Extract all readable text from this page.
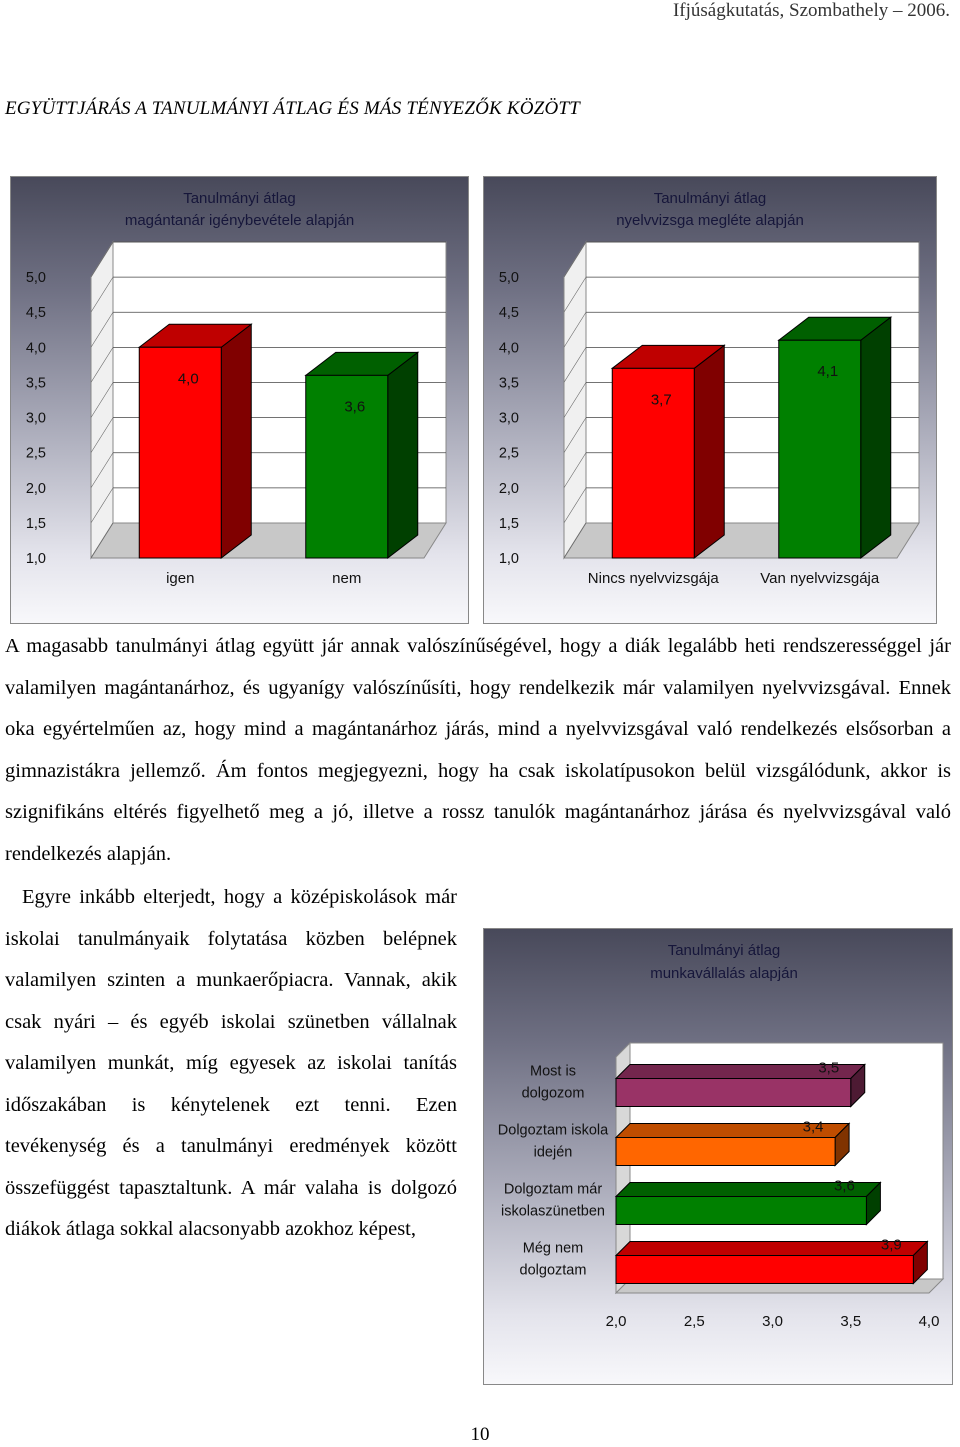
Ifjúságkutatás, Szombathely – 2006.
EGYÜTTJÁRÁS A TANULMÁNYI ÁTLAG ÉS MÁS TÉNYEZŐK KÖZÖTT
Tanulmányi átlag
magántanár igénybevétele alapján
1,0
1,5
2,0
2,5
3,0
3,5
4,0
4,5
5,0
4,0
igen
3,6
nem
Tanulmányi átlag
nyelvvizsga megléte alapján
1,0
1,5
2,0
2,5
3,0
3,5
4,0
4,5
5,0
3,7
Nincs nyelvvizsgája
4,1
Van nyelvvizsgája
A magasabb tanulmányi átlag együtt jár annak valószínűségével, hogy a diák legalább heti rendszerességgel jár valamilyen magántanárhoz, és ugyanígy valószínűsíti, hogy rendelkezik már valamilyen nyelvvizsgával. Ennek oka egyértelműen az, hogy mind a magántanárhoz járás, mind a nyelvvizsgával való rendelkezés elsősorban a gimnazistákra jellemző. Ám fontos megjegyezni, hogy ha csak iskolatípusokon belül vizsgálódunk, akkor is szignifikáns eltérés figyelhető meg a jó, illetve a rossz tanulók magántanárhoz járása és nyelvvizsgával való rendelkezés alapján.
Egyre inkább elterjedt, hogy a középiskolások már iskolai tanulmányaik folytatása közben belépnek valamilyen szinten a munkaerőpiacra. Vannak, akik csak nyári – és egyéb iskolai szünetben vállalnak valamilyen munkát, míg egyesek az iskolai tanítás időszakában is kénytelenek ezt tenni. Ezen tevékenység és a tanulmányi eredmények között összefüggést tapasztaltunk. A már valaha is dolgozó diákok átlaga sokkal alacsonyabb azokhoz képest,
Tanulmányi átlag
munkavállalás alapján
2,0	2,5	3,0	3,5	4,0
3,5
Most is
dolgozom
3,4
Dolgoztam iskola
idején
3,6
Dolgoztam már
iskolaszünetben
3,9
Még nem
dolgoztam
10
